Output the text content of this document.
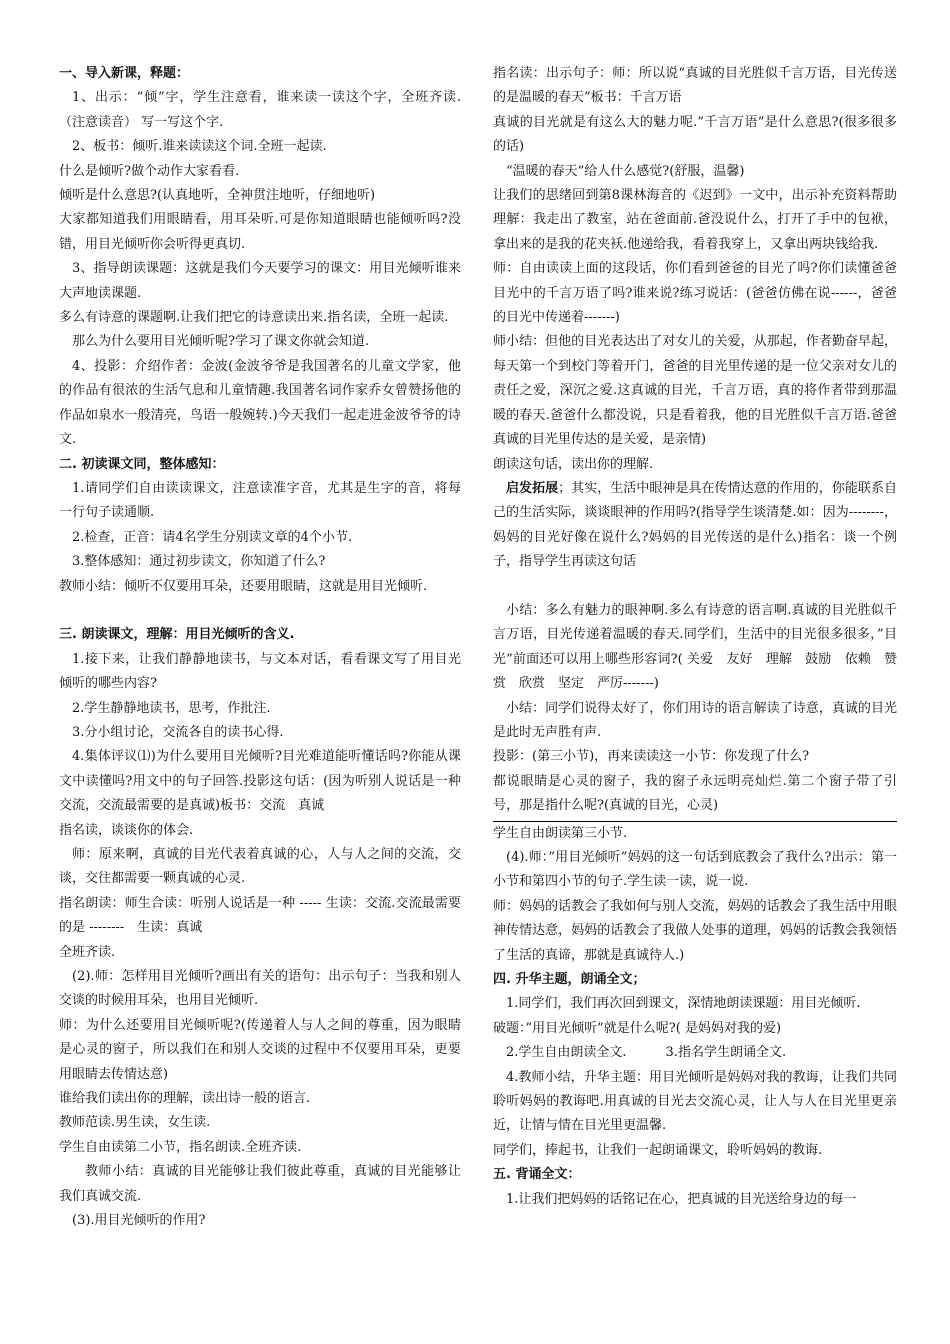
一、导入新课，释题：

1、出示：“倾”字，学生注意看，谁来读一读这个字，全班齐读.（注意读音） 写一写这个字.

2、板书：倾听.谁来读读这个词.全班一起读.

什么是倾听?做个动作大家看看.

倾听是什么意思?(认真地听，全神贯注地听，仔细地听)

大家都知道我们用眼睛看，用耳朵听.可是你知道眼睛也能倾听吗?没错，用目光倾听你会听得更真切.

3、指导朗读课题：这就是我们今天要学习的课文：用目光倾听谁来大声地读课题.

多么有诗意的课题啊.让我们把它的诗意读出来.指名读，全班一起读.

那么为什么要用目光倾听呢?学习了课文你就会知道.

4、投影：介绍作者：金波(金波爷爷是我国著名的儿童文学家，他的作品有很浓的生活气息和儿童情趣.我国著名词作家乔女曾赞扬他的作品如泉水一般清亮，鸟语一般婉转.)今天我们一起走进金波爷爷的诗文.

二. 初读课文同，整体感知：

1.请同学们自由读读课文，注意读准字音，尤其是生字的音，将每一行句子读通顺.

2.检查，正音：请4名学生分别读文章的4个小节.

3.整体感知：通过初步读文，你知道了什么?

教师小结：倾听不仅要用耳朵，还要用眼睛，这就是用目光倾听.

三. 朗读课文，理解：用目光倾听的含义.

1.接下来，让我们静静地读书，与文本对话，看看课文写了用目光倾听的哪些内容?

2.学生静静地读书，思考，作批注.

3.分小组讨论，交流各自的读书心得.

4.集体评议⑴)为什么要用目光倾听?目光难道能听懂话吗?你能从课文中读懂吗?用文中的句子回答.投影这句话：(因为听别人说话是一种交流，交流最需要的是真诚)板书：交流　真诚

指名读，谈谈你的体会.

师：原来啊，真诚的目光代表着真诚的心，人与人之间的交流，交谈，交往都需要一颗真诚的心灵.

指名朗读：师生合读：听别人说话是一种 ----- 生读：交流.交流最需要的是 --------　生读：真诚

全班齐读.

(2).师：怎样用目光倾听?画出有关的语句：出示句子：当我和别人交谈的时候用耳朵，也用目光倾听.

师：为什么还要用目光倾听呢?(传递着人与人之间的尊重，因为眼睛是心灵的窗子，所以我们在和别人交谈的过程中不仅要用耳朵，更要用眼睛去传情达意)

谁给我们读出你的理解，读出诗一般的语言.

教师范读.男生读，女生读.

学生自由读第二小节，指名朗读.全班齐读.

教师小结：真诚的目光能够让我们彼此尊重，真诚的目光能够让我们真诚交流.

(3).用目光倾听的作用?

指名读：出示句子：师：所以说“真诚的目光胜似千言万语，目光传送的是温暖的春天”板书：千言万语

真诚的目光就是有这么大的魅力呢.”千言万语”是什么意思?(很多很多的话)

“温暖的春天”给人什么感觉?(舒服，温馨)

让我们的思绪回到第8课林海音的《迟到》一文中，出示补充资料帮助理解：我走出了教室，站在爸面前.爸没说什么，打开了手中的包袱，拿出来的是我的花夹袄.他递给我，看着我穿上，又拿出两块钱给我.

师：自由读读上面的这段话，你们看到爸爸的目光了吗?你们读懂爸爸目光中的千言万语了吗?谁来说?练习说话：(爸爸仿佛在说------，爸爸的目光中传递着-------)

师小结：但他的目光表达出了对女儿的关爱，从那起，作者勤奋早起，每天第一个到校门等着开门，爸爸的目光里传递的是一位父亲对女儿的责任之爱，深沉之爱.这真诚的目光，千言万语，真的将作者带到那温暖的春天.爸爸什么都没说，只是看着我，他的目光胜似千言万语.爸爸真诚的目光里传达的是关爱，是亲情)

朗读这句话，读出你的理解.

启发拓展；其实，生活中眼神是具在传情达意的作用的，你能联系自己的生活实际，谈谈眼神的作用吗?(指导学生谈清楚.如：因为--------，妈妈的目光好像在说什么?妈妈的目光传送的是什么)指名：谈一个例子，指导学生再读这句话

小结：多么有魅力的眼神啊.多么有诗意的语言啊.真诚的目光胜似千言万语，目光传递着温暖的春天.同学们，生活中的目光很多很多，”目光”前面还可以用上哪些形容词?( 关爱　友好　理解　鼓励　依赖　赞赏　欣赏　坚定　严厉-------)

小结：同学们说得太好了，你们用诗的语言解读了诗意，真诚的目光是此时无声胜有声.

投影：(第三小节)，再来读读这一小节：你发现了什么?

都说眼睛是心灵的窗子，我的窗子永远明亮灿烂.第二个窗子带了引号，那是指什么呢?(真诚的目光，心灵)

学生自由朗读第三小节.

(4).师：”用目光倾听”妈妈的这一句话到底教会了我什么?出示：第一小节和第四小节的句子.学生读一读，说一说.

师：妈妈的话教会了我如何与别人交流，妈妈的话教会了我生活中用眼神传情达意，妈妈的话教会了我做人处事的道理，妈妈的话教会我领悟了生活的真谛，那就是真诚待人.)

四. 升华主题，朗诵全文；

1.同学们，我们再次回到课文，深情地朗读课题：用目光倾听.

破题：”用目光倾听”就是什么呢?( 是妈妈对我的爱)

2.学生自由朗读全文.　　　3.指名学生朗诵全文.

4.教师小结，升华主题：用目光倾听是妈妈对我的教诲，让我们共同聆听妈妈的教诲吧.用真诚的目光去交流心灵，让人与人在目光里更亲近，让情与情在目光里更温馨.

同学们，捧起书，让我们一起朗诵课文，聆听妈妈的教诲.

五. 背诵全文：

1.让我们把妈妈的话铭记在心，把真诚的目光送给身边的每一
